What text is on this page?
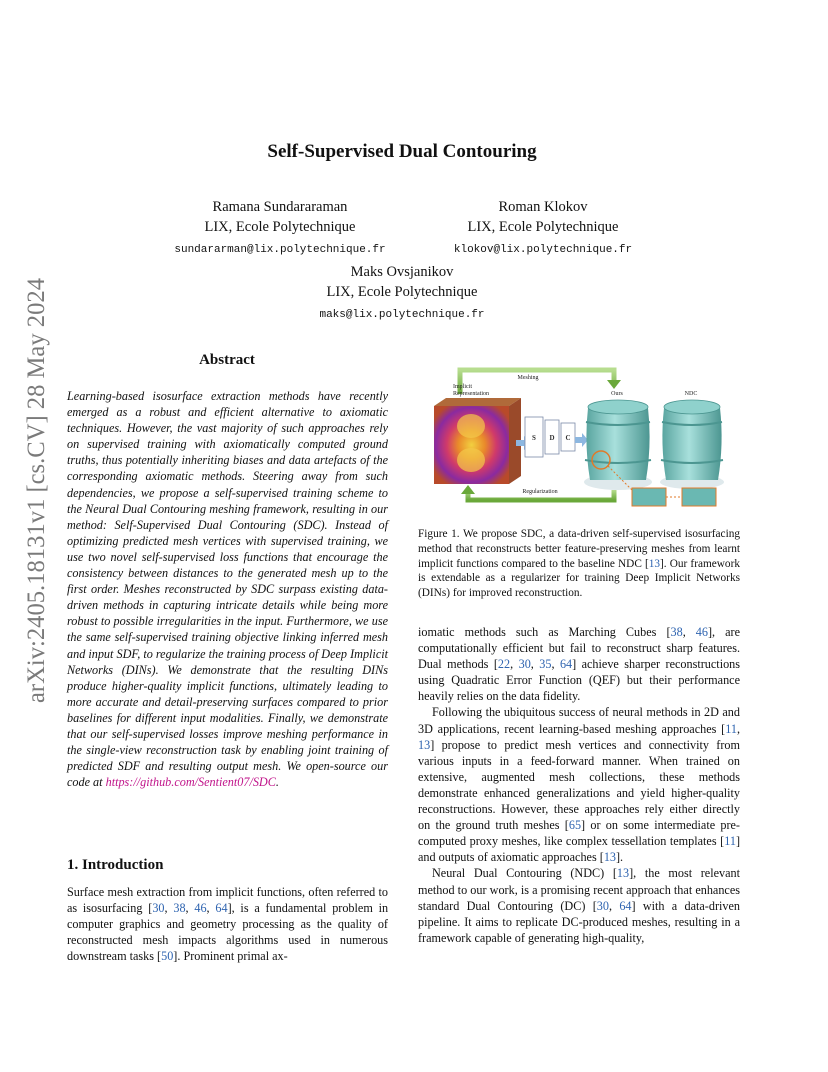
arXiv:2405.18131v1 [cs.CV] 28 May 2024
Self-Supervised Dual Contouring
Ramana Sundararaman
LIX, Ecole Polytechnique
sundararman@lix.polytechnique.fr
Roman Klokov
LIX, Ecole Polytechnique
klokov@lix.polytechnique.fr
Maks Ovsjanikov
LIX, Ecole Polytechnique
maks@lix.polytechnique.fr
Abstract
Learning-based isosurface extraction methods have recently emerged as a robust and efficient alternative to axiomatic techniques. However, the vast majority of such approaches rely on supervised training with axiomatically computed ground truths, thus potentially inheriting biases and data artefacts of the corresponding axiomatic methods. Steering away from such dependencies, we propose a self-supervised training scheme to the Neural Dual Contouring meshing framework, resulting in our method: Self-Supervised Dual Contouring (SDC). Instead of optimizing predicted mesh vertices with supervised training, we use two novel self-supervised loss functions that encourage the consistency between distances to the generated mesh up to the first order. Meshes reconstructed by SDC surpass existing data-driven methods in capturing intricate details while being more robust to possible irregularities in the input. Furthermore, we use the same self-supervised training objective linking inferred mesh and input SDF, to regularize the training process of Deep Implicit Networks (DINs). We demonstrate that the resulting DINs produce higher-quality implicit functions, ultimately leading to more accurate and detail-preserving surfaces compared to prior baselines for different input modalities. Finally, we demonstrate that our self-supervised losses improve meshing performance in the single-view reconstruction task by enabling joint training of predicted SDF and resulting output mesh. We open-source our code at https://github.com/Sentient07/SDC.
1. Introduction
Surface mesh extraction from implicit functions, often referred to as isosurfacing [30, 38, 46, 64], is a fundamental problem in computer graphics and geometry processing as the quality of reconstructed mesh impacts algorithms used in numerous downstream tasks [50]. Prominent primal ax-
Meshing
Implicit
Representation	Ours	NDC
S D C
Regularization
Figure 1. We propose SDC, a data-driven self-supervised isosurfacing method that reconstructs better feature-preserving meshes from learnt implicit functions compared to the baseline NDC [13]. Our framework is extendable as a regularizer for training Deep Implicit Networks (DINs) for improved reconstruction.

iomatic methods such as Marching Cubes [38, 46], are computationally efficient but fail to reconstruct sharp features. Dual methods [22, 30, 35, 64] achieve sharper reconstructions using Quadratic Error Function (QEF) but their performance heavily relies on the data fidelity.

Following the ubiquitous success of neural methods in 2D and 3D applications, recent learning-based meshing approaches [11, 13] propose to predict mesh vertices and connectivity from various inputs in a feed-forward manner. When trained on extensive, augmented mesh collections, these methods demonstrate enhanced generalizations and yield higher-quality reconstructions. However, these approaches rely either directly on the ground truth meshes [65] or on some intermediate pre-computed proxy meshes, like complex tessellation templates [11] and outputs of axiomatic approaches [13].

Neural Dual Contouring (NDC) [13], the most relevant method to our work, is a promising recent approach that enhances standard Dual Contouring (DC) [30, 64] with a data-driven pipeline. It aims to replicate DC-produced meshes, resulting in a framework capable of generating high-quality,
